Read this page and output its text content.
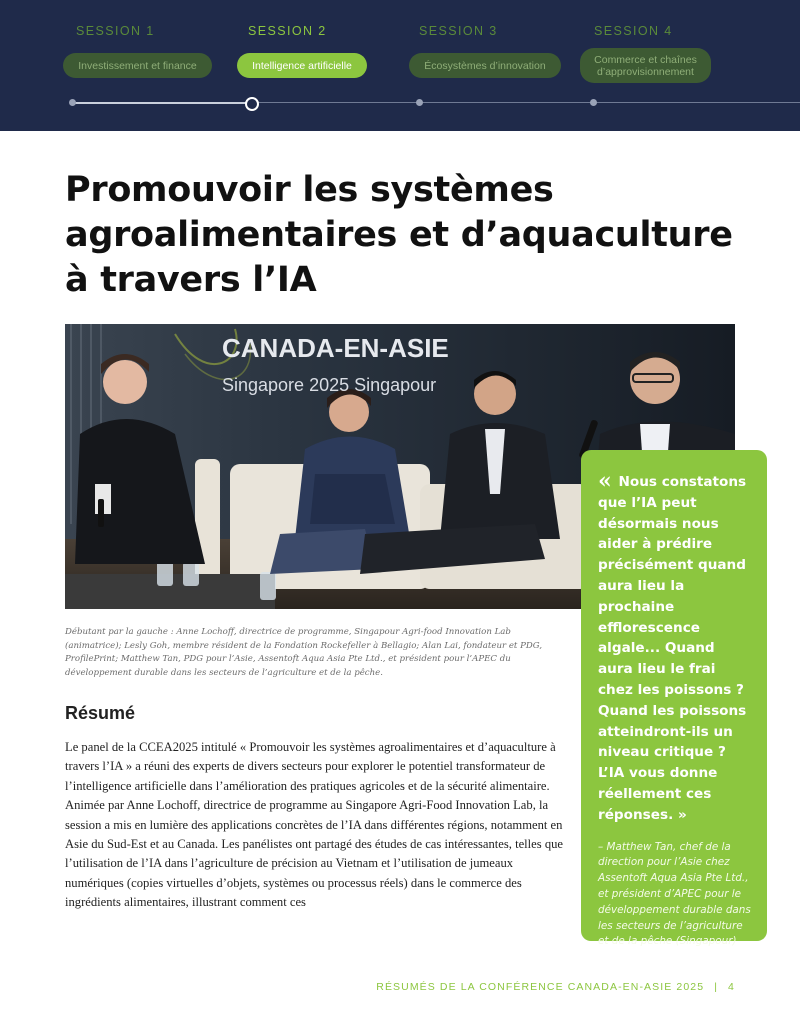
SESSION 1	SESSION 2	SESSION 3	SESSION 4
Investissement et finance	Intelligence artificielle	Écosystèmes d’innovation	Commerce et chaînes d’approvisionnement
Promouvoir les systèmes agroalimentaires et d’aquaculture à travers l’IA
CANADA-EN-ASIE
Singapore 2025 Singapour

Débutant par la gauche : Anne Lochoff, directrice de programme, Singapour Agri-food Innovation Lab (animatrice); Lesly Goh, membre résident de la Fondation Rockefeller à Bellagio; Alan Lai, fondateur et PDG, ProfilePrint; Matthew Tan, PDG pour l’Asie, Assentoft Aqua Asia Pte Ltd., et président pour l’APEC du développement durable dans les secteurs de l’agriculture et de la pêche.

Résumé

Le panel de la CCEA2025 intitulé « Promouvoir les systèmes agroalimentaires et d’aquaculture à travers l’IA » a réuni des experts de divers secteurs pour explorer le potentiel transformateur de l’intelligence artificielle dans l’amélioration des pratiques agricoles et de la sécurité alimentaire. Animée par Anne Lochoff, directrice de programme au Singapore Agri-Food Innovation Lab, la session a mis en lumière des applications concrètes de l’IA dans différentes régions, notamment en Asie du Sud-Est et au Canada. Les panélistes ont partagé des études de cas intéressantes, telles que l’utilisation de l’IA dans l’agriculture de précision au Vietnam et l’utilisation de jumeaux numériques (copies virtuelles d’objets, systèmes ou processus réels) dans le commerce des ingrédients alimentaires, illustrant comment ces

« Nous constatons que l’IA peut désormais nous aider à prédire précisément quand aura lieu la prochaine efflorescence algale... Quand aura lieu le frai chez les poissons ? Quand les poissons atteindront-ils un niveau critique ? L’IA vous donne réellement ces réponses. »

– Matthew Tan, chef de la direction pour l’Asie chez Assentoft Aqua Asia Pte Ltd., et président d’APEC pour le développement durable dans les secteurs de l’agriculture et de la pêche (Singapour)

RÉSUMÉS DE LA CONFÉRENCE CANADA-EN-ASIE 2025 | 4
